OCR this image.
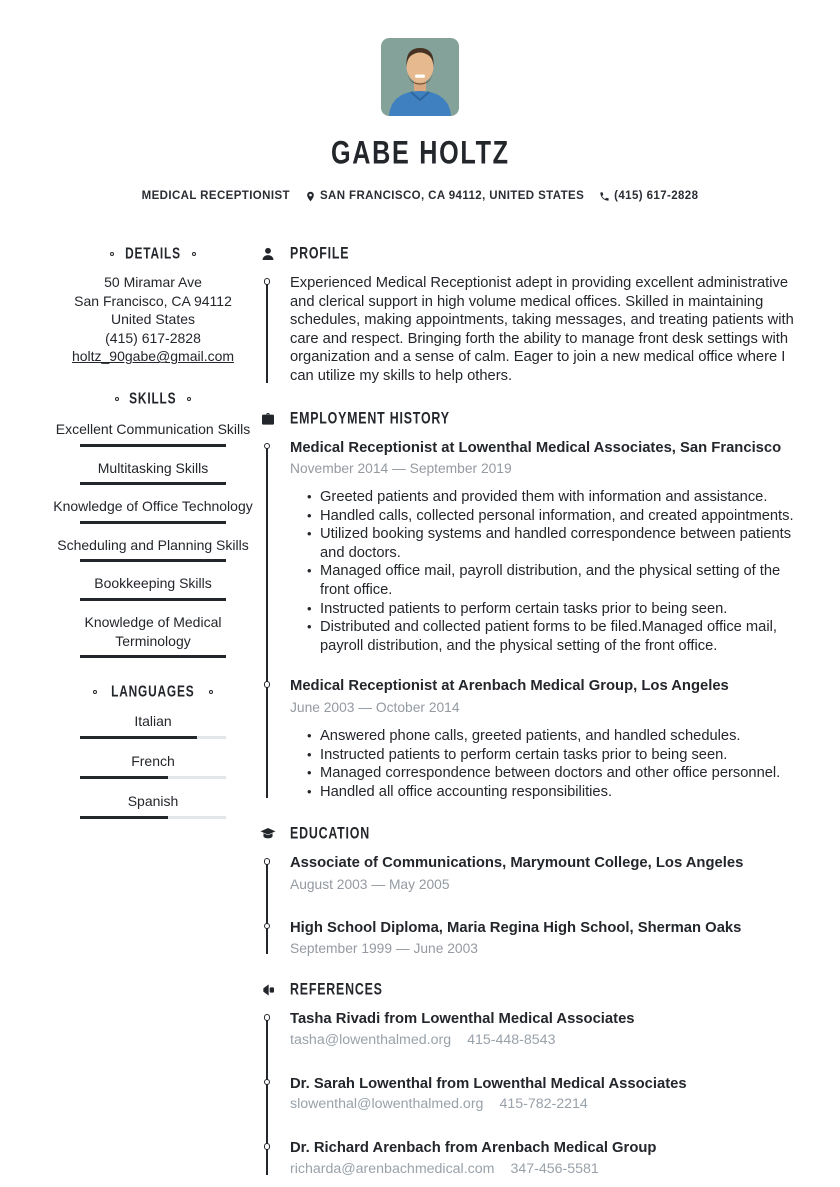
GABE HOLTZ
MEDICAL RECEPTIONIST	SAN FRANCISCO, CA 94112, UNITED STATES	(415) 617-2828
DETAILS
50 Miramar Ave
San Francisco, CA 94112
United States
(415) 617-2828
holtz_90gabe@gmail.com
SKILLS
Excellent Communication Skills
Multitasking Skills
Knowledge of Office Technology
Scheduling and Planning Skills
Bookkeeping Skills
Knowledge of Medical Terminology
LANGUAGES
Italian
French
Spanish
PROFILE
Experienced Medical Receptionist adept in providing excellent administrative and clerical support in high volume medical offices. Skilled in maintaining schedules, making appointments, taking messages, and treating patients with care and respect. Bringing forth the ability to manage front desk settings with organization and a sense of calm. Eager to join a new medical office where I can utilize my skills to help others.
EMPLOYMENT HISTORY
Medical Receptionist at Lowenthal Medical Associates, San Francisco
November 2014 — September 2019
• Greeted patients and provided them with information and assistance.
• Handled calls, collected personal information, and created appointments.
• Utilized booking systems and handled correspondence between patients and doctors.
• Managed office mail, payroll distribution, and the physical setting of the front office.
• Instructed patients to perform certain tasks prior to being seen.
• Distributed and collected patient forms to be filed.Managed office mail, payroll distribution, and the physical setting of the front office.
Medical Receptionist at Arenbach Medical Group, Los Angeles
June 2003 — October 2014
• Answered phone calls, greeted patients, and handled schedules.
• Instructed patients to perform certain tasks prior to being seen.
• Managed correspondence between doctors and other office personnel.
• Handled all office accounting responsibilities.
EDUCATION
Associate of Communications, Marymount College, Los Angeles
August 2003 — May 2005
High School Diploma, Maria Regina High School, Sherman Oaks
September 1999 — June 2003
REFERENCES
Tasha Rivadi from Lowenthal Medical Associates
tasha@lowenthalmed.org 415-448-8543
Dr. Sarah Lowenthal from Lowenthal Medical Associates
slowenthal@lowenthalmed.org 415-782-2214
Dr. Richard Arenbach from Arenbach Medical Group
richarda@arenbachmedical.com 347-456-5581
